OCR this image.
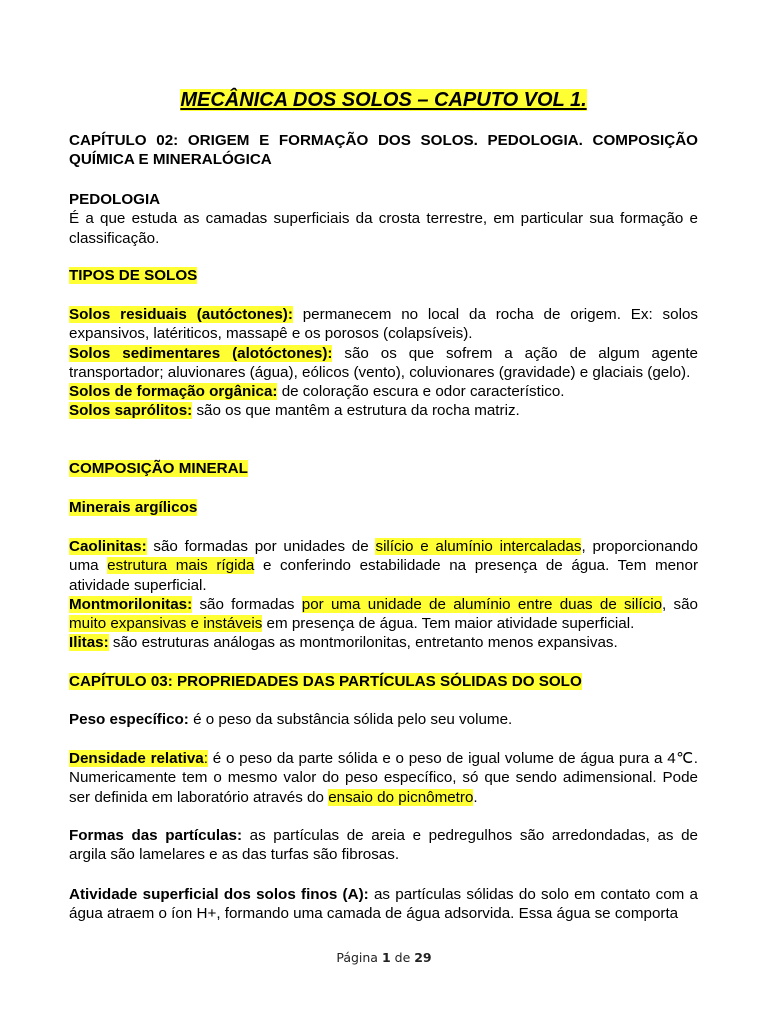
MECÂNICA DOS SOLOS – CAPUTO VOL 1.
CAPÍTULO 02: ORIGEM E FORMAÇÃO DOS SOLOS. PEDOLOGIA. COMPOSIÇÃO QUÍMICA E MINERALÓGICA
PEDOLOGIA
É a que estuda as camadas superficiais da crosta terrestre, em particular sua formação e classificação.
TIPOS DE SOLOS
Solos residuais (autóctones): permanecem no local da rocha de origem. Ex: solos expansivos, latériticos, massapê e os porosos (colapsíveis).
Solos sedimentares (alotóctones): são os que sofrem a ação de algum agente transportador; aluvionares (água), eólicos (vento), coluvionares (gravidade) e glaciais (gelo).
Solos de formação orgânica: de coloração escura e odor característico.
Solos saprólitos: são os que mantêm a estrutura da rocha matriz.
COMPOSIÇÃO MINERAL
Minerais argílicos
Caolinitas: são formadas por unidades de silício e alumínio intercaladas, proporcionando uma estrutura mais rígida e conferindo estabilidade na presença de água. Tem menor atividade superficial.
Montmorilonitas: são formadas por uma unidade de alumínio entre duas de silício, são muito expansivas e instáveis em presença de água. Tem maior atividade superficial.
Ilitas: são estruturas análogas as montmorilonitas, entretanto menos expansivas.
CAPÍTULO 03: PROPRIEDADES DAS PARTÍCULAS SÓLIDAS DO SOLO
Peso específico: é o peso da substância sólida pelo seu volume.
Densidade relativa: é o peso da parte sólida e o peso de igual volume de água pura a 4℃. Numericamente tem o mesmo valor do peso específico, só que sendo adimensional. Pode ser definida em laboratório através do ensaio do picnômetro.
Formas das partículas: as partículas de areia e pedregulhos são arredondadas, as de argila são lamelares e as das turfas são fibrosas.
Atividade superficial dos solos finos (A): as partículas sólidas do solo em contato com a água atraem o íon H+, formando uma camada de água adsorvida. Essa água se comporta
Página 1 de 29
